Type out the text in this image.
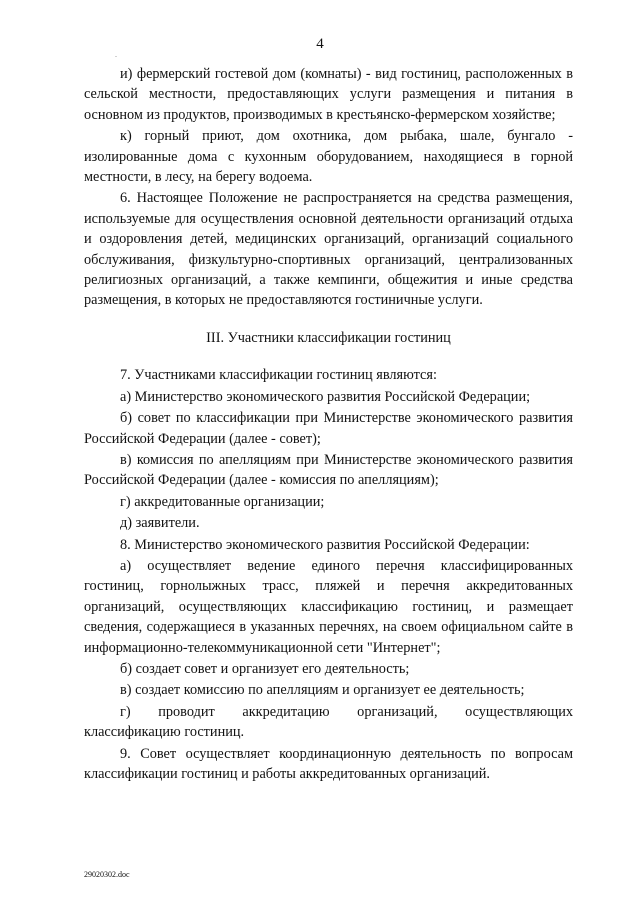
4
.

и) фермерский гостевой дом (комнаты) - вид гостиниц, расположенных в сельской местности, предоставляющих услуги размещения и питания в основном из продуктов, производимых в крестьянско-фермерском хозяйстве;

к) горный приют, дом охотника, дом рыбака, шале, бунгало - изолированные дома с кухонным оборудованием, находящиеся в горной местности, в лесу, на берегу водоема.

6. Настоящее Положение не распространяется на средства размещения, используемые для осуществления основной деятельности организаций отдыха и оздоровления детей, медицинских организаций, организаций социального обслуживания, физкультурно-спортивных организаций, централизованных религиозных организаций, а также кемпинги, общежития и иные средства размещения, в которых не предоставляются гостиничные услуги.

III. Участники классификации гостиниц

7. Участниками классификации гостиниц являются:

а) Министерство экономического развития Российской Федерации;

б) совет по классификации при Министерстве экономического развития Российской Федерации (далее - совет);

в) комиссия по апелляциям при Министерстве экономического развития Российской Федерации (далее - комиссия по апелляциям);

г) аккредитованные организации;

д) заявители.

8. Министерство экономического развития Российской Федерации:

а) осуществляет ведение единого перечня классифицированных гостиниц, горнолыжных трасс, пляжей и перечня аккредитованных организаций, осуществляющих классификацию гостиниц, и размещает сведения, содержащиеся в указанных перечнях, на своем официальном сайте в информационно-телекоммуникационной сети "Интернет";

б) создает совет и организует его деятельность;

в) создает комиссию по апелляциям и организует ее деятельность;

г) проводит аккредитацию организаций, осуществляющих классификацию гостиниц.

9. Совет осуществляет координационную деятельность по вопросам классификации гостиниц и работы аккредитованных организаций.

29020302.doc
